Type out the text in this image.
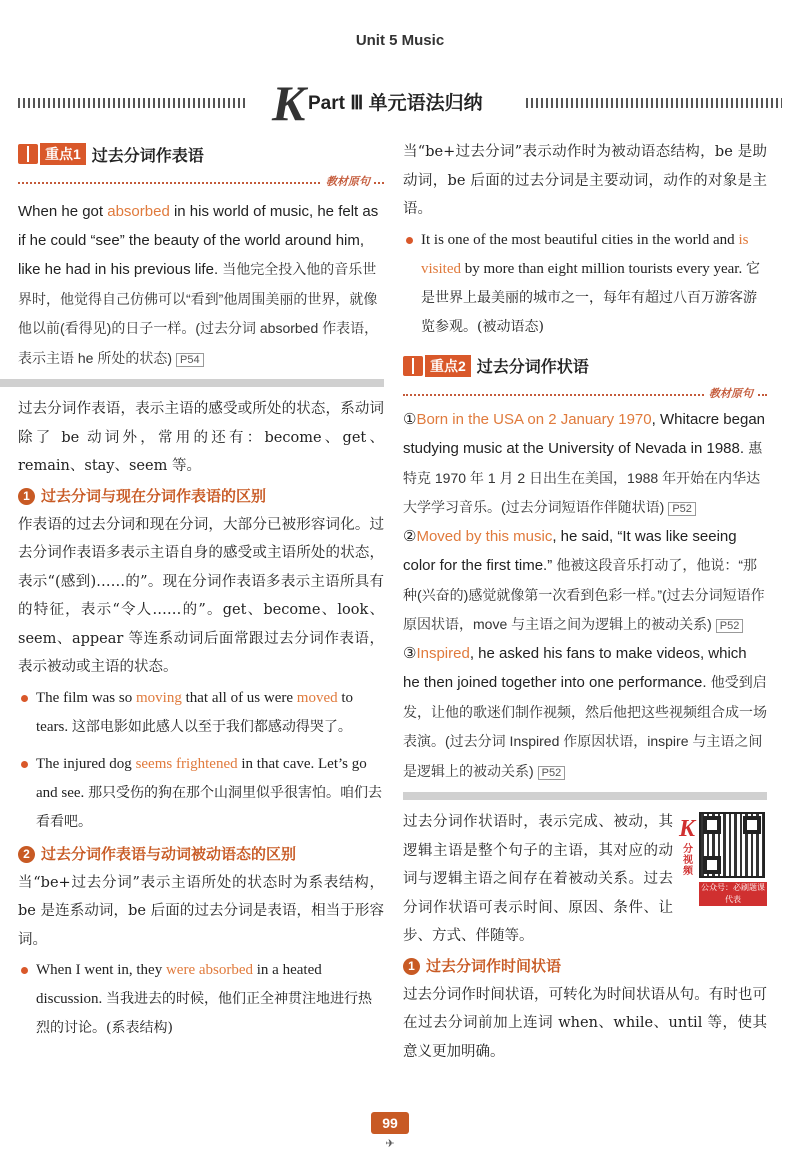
Unit 5 Music
K Part Ⅲ 单元语法归纳
重点1 过去分词作表语
教材原句
When he got absorbed in his world of music, he felt as if he could “see” the beauty of the world around him, like he had in his previous life. 当他完全投入他的音乐世界时，他觉得自己仿佛可以“看到”他周围美丽的世界，就像他以前(看得见)的日子一样。(过去分词 absorbed 作表语，表示主语 he 所处的状态) P54
过去分词作表语，表示主语的感受或所处的状态，系动词除了 be 动词外，常用的还有：become、get、remain、stay、seem 等。
1 过去分词与现在分词作表语的区别
作表语的过去分词和现在分词，大部分已被形容词化。过去分词作表语多表示主语自身的感受或主语所处的状态，表示“(感到)……的”。现在分词作表语多表示主语所具有的特征，表示“令人……的”。get、become、look、seem、appear 等连系动词后面常跟过去分词作表语，表示被动或主语的状态。
The film was so moving that all of us were moved to tears. 这部电影如此感人以至于我们都感动得哭了。
The injured dog seems frightened in that cave. Let’s go and see. 那只受伤的狗在那个山洞里似乎很害怕。咱们去看看吧。
2 过去分词作表语与动词被动语态的区别
当“be+过去分词”表示主语所处的状态时为系表结构，be 是连系动词，be 后面的过去分词是表语，相当于形容词。
When I went in, they were absorbed in a heated discussion. 当我进去的时候，他们正全神贯注地进行热烈的讨论。(系表结构)
当“be+过去分词”表示动作时为被动语态结构，be 是助动词，be 后面的过去分词是主要动词，动作的对象是主语。
It is one of the most beautiful cities in the world and is visited by more than eight million tourists every year. 它是世界上最美丽的城市之一，每年有超过八百万游客游览参观。(被动语态)
重点2 过去分词作状语
教材原句
①Born in the USA on 2 January 1970, Whitacre began studying music at the University of Nevada in 1988. 惠特克 1970 年 1 月 2 日出生在美国，1988 年开始在内华达大学学习音乐。(过去分词短语作伴随状语) P52
②Moved by this music, he said, “It was like seeing color for the first time.” 他被这段音乐打动了，他说：“那种(兴奋的)感觉就像第一次看到色彩一样。”(过去分词短语作原因状语，move 与主语之间为逻辑上的被动关系) P52
③Inspired, he asked his fans to make videos, which he then joined together into one performance. 他受到启发，让他的歌迷们制作视频，然后他把这些视频组合成一场表演。(过去分词 Inspired 作原因状语，inspire 与主语之间是逻辑上的被动关系) P52
K
分视频
公众号：必刷题课代表
过去分词作状语时，表示完成、被动，其逻辑主语是整个句子的主语，其对应的动词与逻辑主语之间存在着被动关系。过去分词作状语可表示时间、原因、条件、让步、方式、伴随等。
1 过去分词作时间状语
过去分词作时间状语，可转化为时间状语从句。有时也可在过去分词前加上连词 when、while、until 等，使其意义更加明确。
99
✈
